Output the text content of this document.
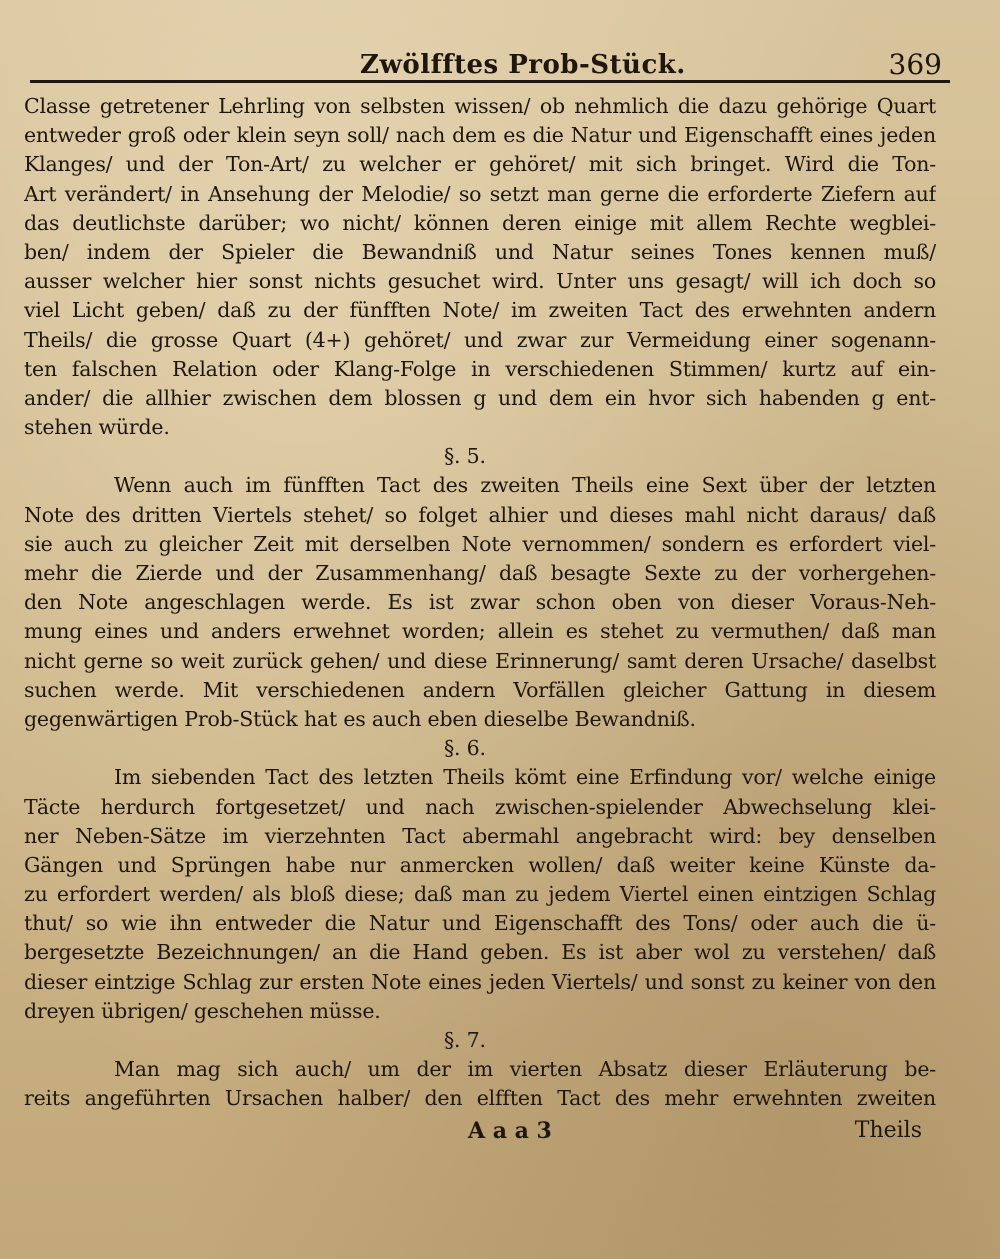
Zwölfftes Prob-Stück.	369
Classe getretener Lehrling von selbsten wissen/ ob nehmlich die dazu gehörige Quart
entweder groß oder klein seyn soll/ nach dem es die Natur und Eigenschafft eines jeden
Klanges/ und der Ton-Art/ zu welcher er gehöret/ mit sich bringet. Wird die Ton-
Art verändert/ in Ansehung der Melodie/ so setzt man gerne die erforderte Ziefern auf
das deutlichste darüber; wo nicht/ können deren einige mit allem Rechte wegblei-
ben/ indem der Spieler die Bewandniß und Natur seines Tones kennen muß/
ausser welcher hier sonst nichts gesuchet wird. Unter uns gesagt/ will ich doch so
viel Licht geben/ daß zu der fünfften Note/ im zweiten Tact des erwehnten andern
Theils/ die grosse Quart (4+) gehöret/ und zwar zur Vermeidung einer sogenann-
ten falschen Relation oder Klang-Folge in verschiedenen Stimmen/ kurtz auf ein-
ander/ die allhier zwischen dem blossen g und dem ein hvor sich habenden g ent-
stehen würde.
§. 5.
Wenn auch im fünfften Tact des zweiten Theils eine Sext über der letzten
Note des dritten Viertels stehet/ so folget alhier und dieses mahl nicht daraus/ daß
sie auch zu gleicher Zeit mit derselben Note vernommen/ sondern es erfordert viel-
mehr die Zierde und der Zusammenhang/ daß besagte Sexte zu der vorhergehen-
den Note angeschlagen werde. Es ist zwar schon oben von dieser Voraus-Neh-
mung eines und anders erwehnet worden; allein es stehet zu vermuthen/ daß man
nicht gerne so weit zurück gehen/ und diese Erinnerung/ samt deren Ursache/ daselbst
suchen werde. Mit verschiedenen andern Vorfällen gleicher Gattung in diesem
gegenwärtigen Prob-Stück hat es auch eben dieselbe Bewandniß.
§. 6.
Im siebenden Tact des letzten Theils kömt eine Erfindung vor/ welche einige
Täcte herdurch fortgesetzet/ und nach zwischen-spielender Abwechselung klei-
ner Neben-Sätze im vierzehnten Tact abermahl angebracht wird: bey denselben
Gängen und Sprüngen habe nur anmercken wollen/ daß weiter keine Künste da-
zu erfordert werden/ als bloß diese; daß man zu jedem Viertel einen eintzigen Schlag
thut/ so wie ihn entweder die Natur und Eigenschafft des Tons/ oder auch die ü-
bergesetzte Bezeichnungen/ an die Hand geben. Es ist aber wol zu verstehen/ daß
dieser eintzige Schlag zur ersten Note eines jeden Viertels/ und sonst zu keiner von den
dreyen übrigen/ geschehen müsse.
§. 7.
Man mag sich auch/ um der im vierten Absatz dieser Erläuterung be-
reits angeführten Ursachen halber/ den elfften Tact des mehr erwehnten zweiten
A a a 3	Theils
